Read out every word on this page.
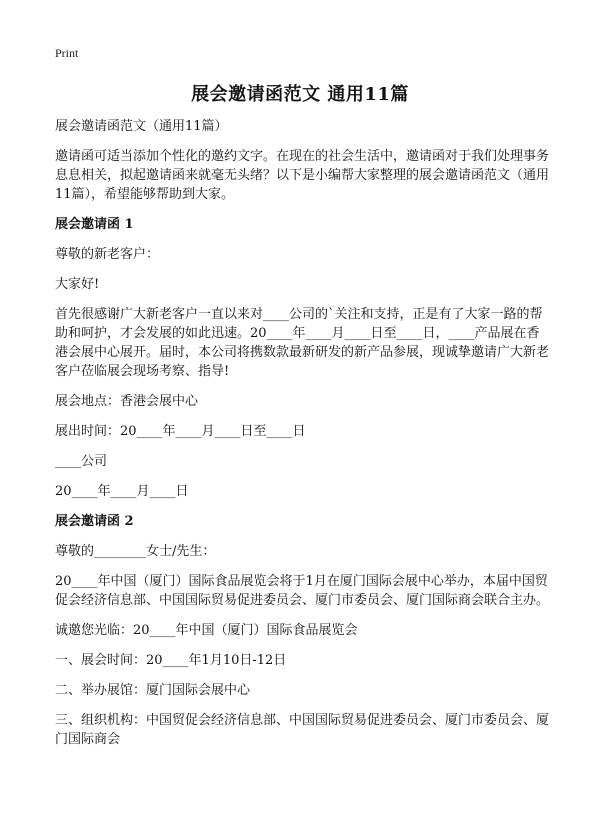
Print
展会邀请函范文 通用11篇

展会邀请函范文（通用11篇）

邀请函可适当添加个性化的邀约文字。在现在的社会生活中，邀请函对于我们处理事务息息相关，拟起邀请函来就毫无头绪？以下是小编帮大家整理的展会邀请函范文（通用11篇），希望能够帮助到大家。

展会邀请函 1

尊敬的新老客户：

大家好!

首先很感谢广大新老客户一直以来对____公司的`关注和支持，正是有了大家一路的帮助和呵护，才会发展的如此迅速。20____年____月____日至____日，____产品展在香港会展中心展开。届时，本公司将携数款最新研发的新产品参展，现诚挚邀请广大新老客户莅临展会现场考察、指导!

展会地点：香港会展中心

展出时间：20____年____月____日至____日

____公司

20____年____月____日

展会邀请函 2

尊敬的________女士/先生：

20____年中国（厦门）国际食品展览会将于1月在厦门国际会展中心举办，本届中国贸促会经济信息部、中国国际贸易促进委员会、厦门市委员会、厦门国际商会联合主办。

诚邀您光临：20____年中国（厦门）国际食品展览会

一、展会时间：20____年1月10日-12日

二、举办展馆：厦门国际会展中心

三、组织机构：中国贸促会经济信息部、中国国际贸易促进委员会、厦门市委员会、厦门国际商会
